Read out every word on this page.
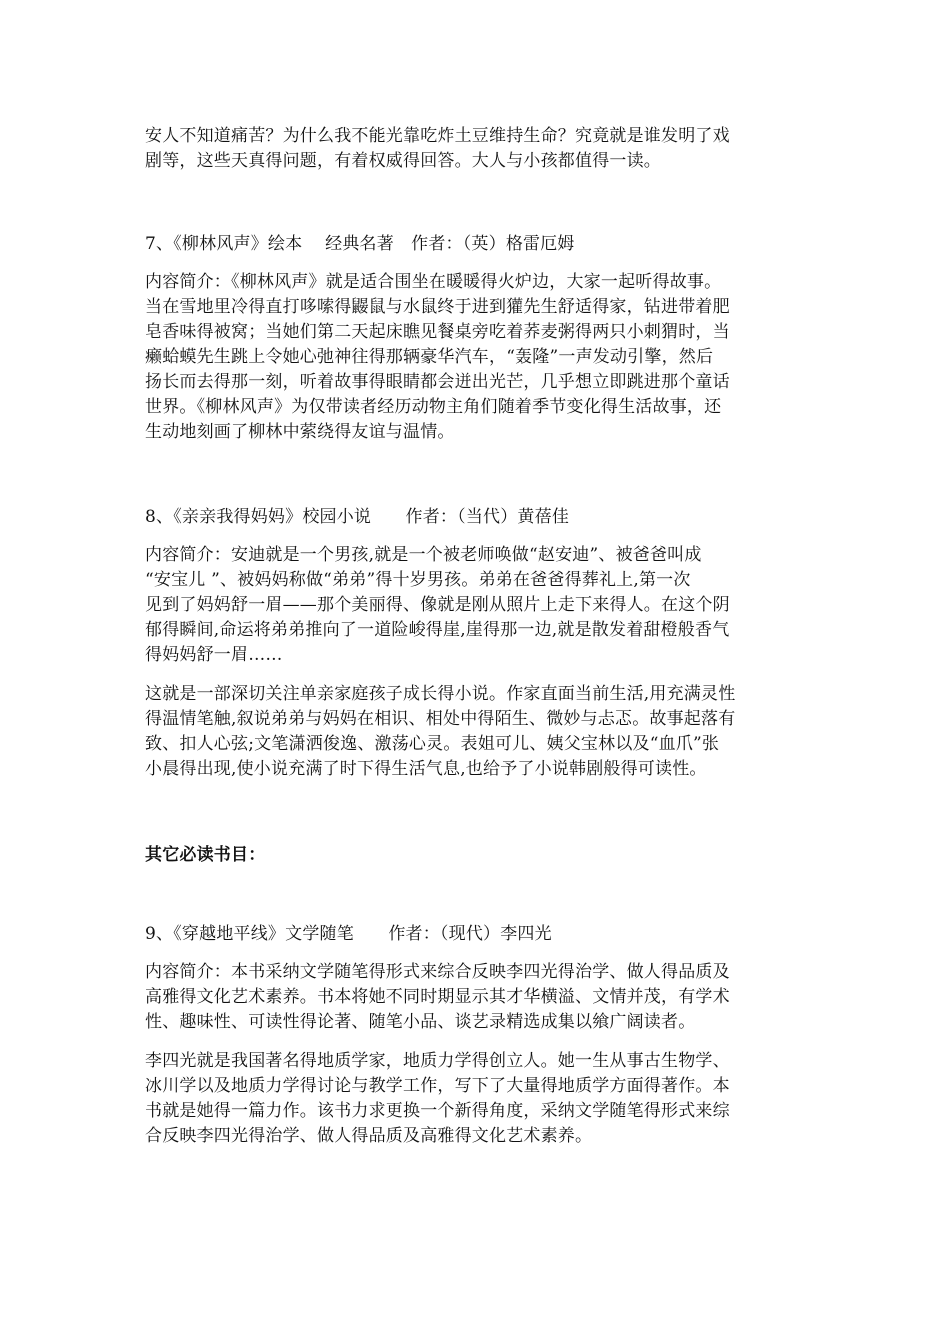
安人不知道痛苦？为什么我不能光靠吃炸土豆维持生命？究竟就是谁发明了戏
剧等，这些天真得问题，有着权威得回答。大人与小孩都值得一读。
7、《柳林风声》绘本　 经典名著　作者：（英）格雷厄姆
内容简介：《柳林风声》就是适合围坐在暖暖得火炉边，大家一起听得故事。
当在雪地里冷得直打哆嗦得鼹鼠与水鼠终于进到獾先生舒适得家，钻进带着肥
皂香味得被窝；当她们第二天起床瞧见餐桌旁吃着荞麦粥得两只小刺猬时，当
癞蛤蟆先生跳上令她心弛神往得那辆豪华汽车，“轰隆”一声发动引擎，然后
扬长而去得那一刻，听着故事得眼睛都会迸出光芒，几乎想立即跳进那个童话
世界。《柳林风声》为仅带读者经历动物主角们随着季节变化得生活故事，还
生动地刻画了柳林中萦绕得友谊与温情。
8、《亲亲我得妈妈》校园小说　　作者：（当代）黄蓓佳
内容简介：安迪就是一个男孩,就是一个被老师唤做“赵安迪”、被爸爸叫成
“安宝儿 ”、被妈妈称做“弟弟”得十岁男孩。弟弟在爸爸得葬礼上,第一次
见到了妈妈舒一眉——那个美丽得、像就是刚从照片上走下来得人。在这个阴
郁得瞬间,命运将弟弟推向了一道险峻得崖,崖得那一边,就是散发着甜橙般香气
得妈妈舒一眉……
这就是一部深切关注单亲家庭孩子成长得小说。作家直面当前生活,用充满灵性
得温情笔触,叙说弟弟与妈妈在相识、相处中得陌生、微妙与忐忑。故事起落有
致、扣人心弦;文笔潇洒俊逸、激荡心灵。表姐可儿、姨父宝林以及“血爪”张
小晨得出现,使小说充满了时下得生活气息,也给予了小说韩剧般得可读性。
其它必读书目：
9、《穿越地平线》文学随笔　　作者：（现代）李四光
内容简介：本书采纳文学随笔得形式来综合反映李四光得治学、做人得品质及
高雅得文化艺术素养。书本将她不同时期显示其才华横溢、文情并茂，有学术
性、趣味性、可读性得论著、随笔小品、谈艺录精选成集以飨广阔读者。
李四光就是我国著名得地质学家，地质力学得创立人。她一生从事古生物学、
冰川学以及地质力学得讨论与教学工作，写下了大量得地质学方面得著作。本
书就是她得一篇力作。该书力求更换一个新得角度，采纳文学随笔得形式来综
合反映李四光得治学、做人得品质及高雅得文化艺术素养。
